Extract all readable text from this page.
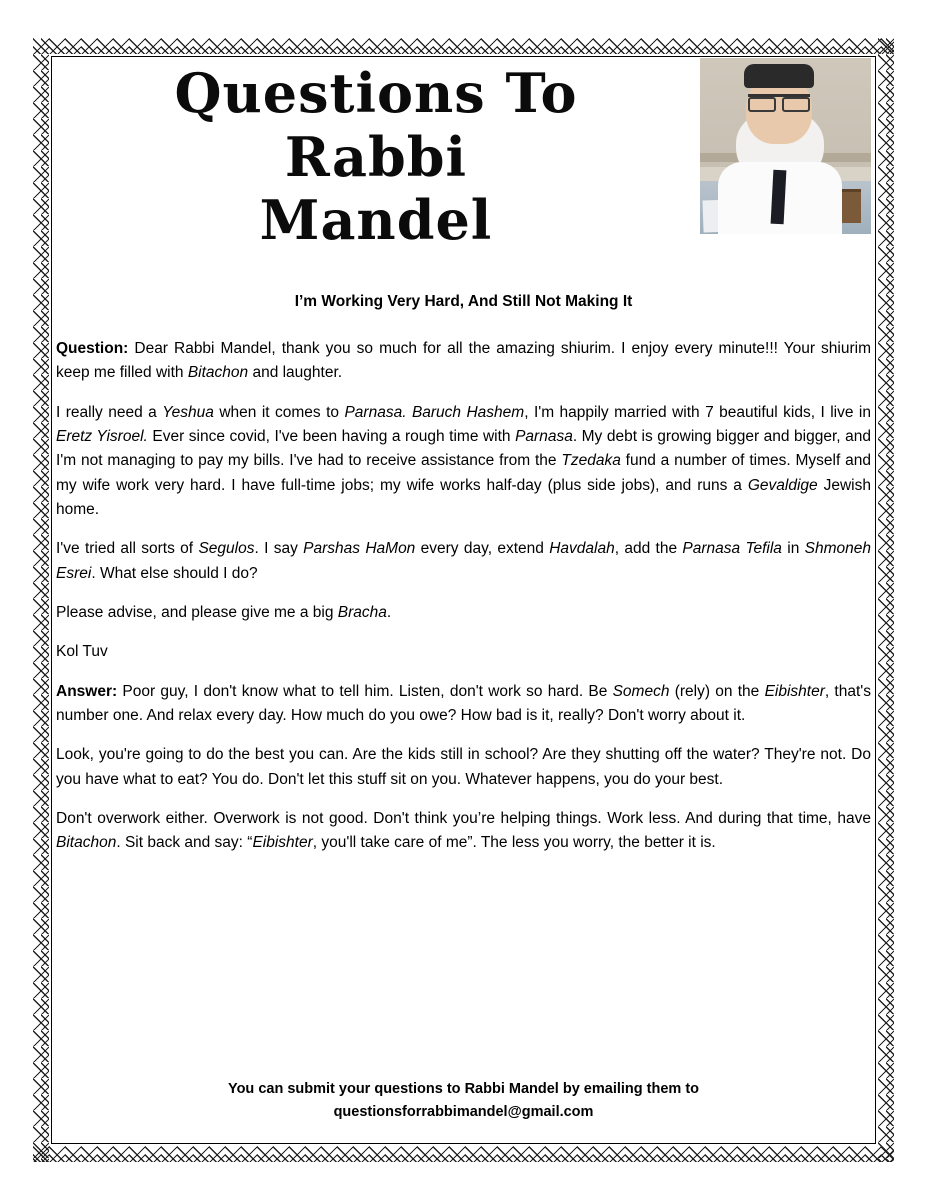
Questions To
Rabbi
Mandel
I’m Working Very Hard, And Still Not Making It

Question: Dear Rabbi Mandel, thank you so much for all the amazing shiurim. I enjoy every minute!!! Your shiurim keep me filled with Bitachon and laughter.

I really need a Yeshua when it comes to Parnasa. Baruch Hashem, I'm happily married with 7 beautiful kids, I live in Eretz Yisroel. Ever since covid, I've been having a rough time with Parnasa. My debt is growing bigger and bigger, and I'm not managing to pay my bills. I've had to receive assistance from the Tzedaka fund a number of times. Myself and my wife work very hard. I have full-time jobs; my wife works half-day (plus side jobs), and runs a Gevaldige Jewish home.

I've tried all sorts of Segulos. I say Parshas HaMon every day, extend Havdalah, add the Parnasa Tefila in Shmoneh Esrei. What else should I do?

Please advise, and please give me a big Bracha.

Kol Tuv

Answer: Poor guy, I don't know what to tell him. Listen, don't work so hard. Be Somech (rely) on the Eibishter, that's number one. And relax every day. How much do you owe? How bad is it, really? Don't worry about it.

Look, you're going to do the best you can. Are the kids still in school? Are they shutting off the water? They're not. Do you have what to eat? You do. Don't let this stuff sit on you. Whatever happens, you do your best.

Don't overwork either. Overwork is not good. Don't think you’re helping things. Work less. And during that time, have Bitachon. Sit back and say: “Eibishter, you'll take care of me”. The less you worry, the better it is.

You can submit your questions to Rabbi Mandel by emailing them to
questionsforrabbimandel@gmail.com
